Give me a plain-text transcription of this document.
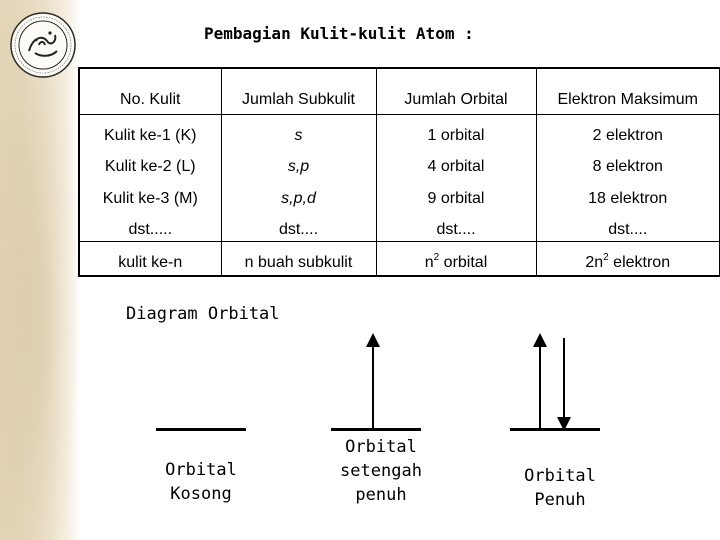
Pembagian Kulit-kulit Atom :
No. Kulit	Jumlah Subkulit	Jumlah Orbital	Elektron Maksimum
Kulit ke-1 (K)	s	1 orbital	2 elektron
Kulit ke-2 (L)	s,p	4 orbital	8 elektron
Kulit ke-3 (M)	s,p,d	9 orbital	18 elektron
dst.....	dst....	dst....	dst....
kulit ke-n	n buah subkulit	$n^2$ orbital	$2n^2$ elektron
Diagram Orbital
Orbital
Kosong
Orbital
setengah
penuh
Orbital
Penuh
